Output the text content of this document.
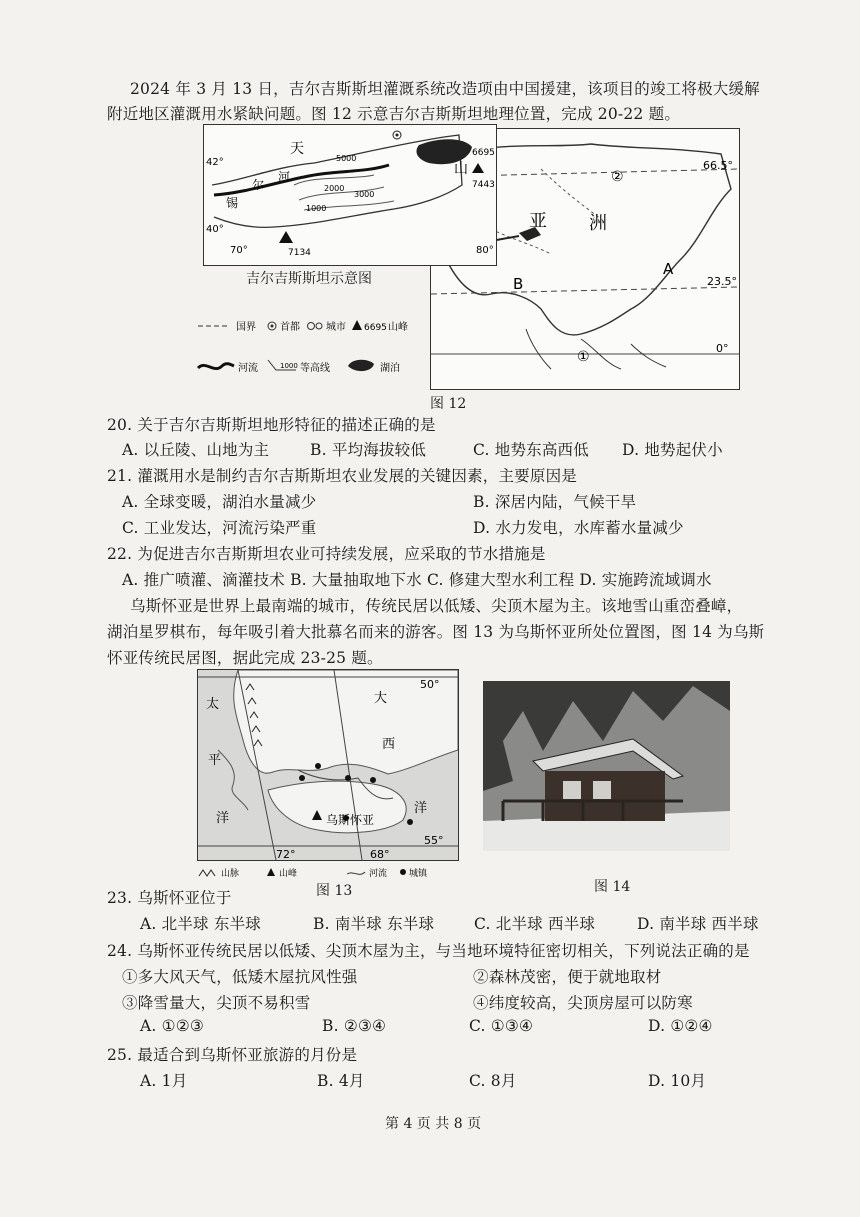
2024 年 3 月 13 日，吉尔吉斯斯坦灌溉系统改造项由中国援建，该项目的竣工将极大缓解
附近地区灌溉用水紧缺问题。图 12 示意吉尔吉斯斯坦地理位置，完成 20-22 题。
66.5°
23.5°
0°
亚 洲
A
B
①
②
42°
40°
70°	80°
6695
7443
7134
5000
2000
3000
1000
天
山
锡
尔
河
吉尔吉斯斯坦示意图
国界 首都	城市 6695 山峰
河流	1000 等高线	湖泊
图 12
20. 关于吉尔吉斯斯坦地形特征的描述正确的是
A. 以丘陵、山地为主	B. 平均海拔较低	C. 地势东高西低 D. 地势起伏小
21. 灌溉用水是制约吉尔吉斯斯坦农业发展的关键因素，主要原因是
A. 全球变暖，湖泊水量减少	B. 深居内陆，气候干旱
C. 工业发达，河流污染严重	D. 水力发电，水库蓄水量减少
22. 为促进吉尔吉斯斯坦农业可持续发展，应采取的节水措施是
A. 推广喷灌、滴灌技术 B. 大量抽取地下水 C. 修建大型水利工程 D. 实施跨流域调水
乌斯怀亚是世界上最南端的城市，传统民居以低矮、尖顶木屋为主。该地雪山重峦叠嶂，
湖泊星罗棋布，每年吸引着大批慕名而来的游客。图 13 为乌斯怀亚所处位置图，图 14 为乌斯
怀亚传统民居图，据此完成 23-25 题。
50°
55°
72°	68°
太
平
洋
大
西
洋
乌斯怀亚
山脉	山峰	河流 城镇
图 13	图 14
23. 乌斯怀亚位于
A. 北半球 东半球	B. 南半球 东半球	C. 北半球 西半球	D. 南半球 西半球
24. 乌斯怀亚传统民居以低矮、尖顶木屋为主，与当地环境特征密切相关，下列说法正确的是
①多大风天气，低矮木屋抗风性强	②森林茂密，便于就地取材
③降雪量大，尖顶不易积雪	④纬度较高，尖顶房屋可以防寒
A. ①②③	B. ②③④	C. ①③④	D. ①②④
25. 最适合到乌斯怀亚旅游的月份是
A. 1月	B. 4月	C. 8月	D. 10月
第 4 页 共 8 页
